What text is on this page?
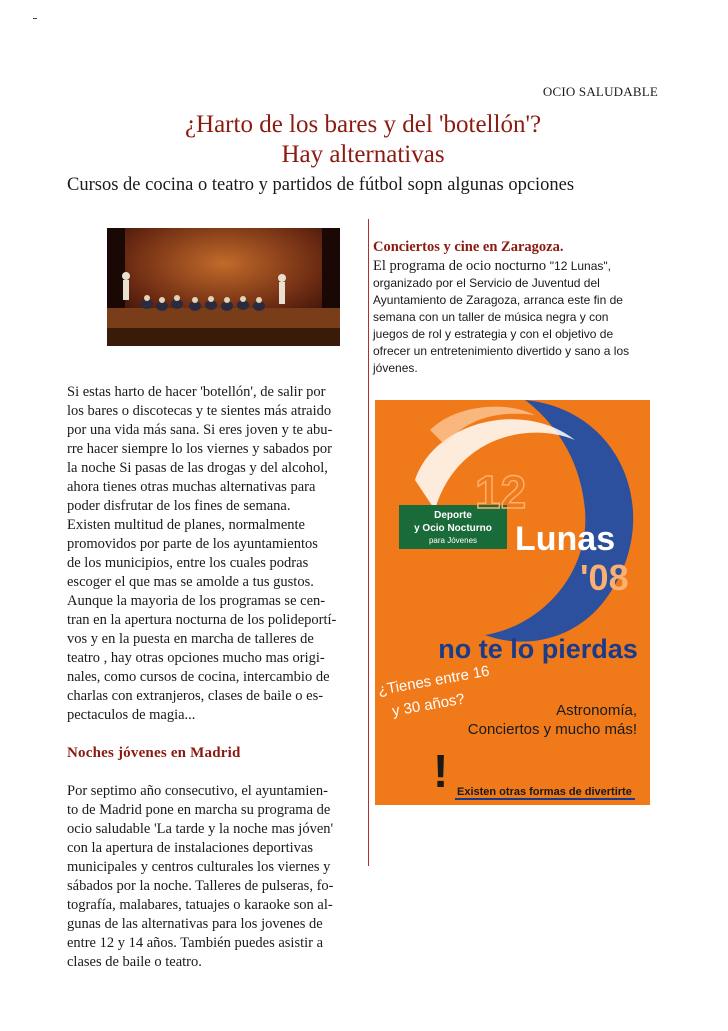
OCIO SALUDABLE
¿Harto de los bares y del 'botellón'?
Hay alternativas
Cursos de cocina o teatro y partidos de fútbol sopn algunas opciones

Conciertos y cine en Zaragoza.

El programa de ocio nocturno "12 Lunas",

organizado por el Servicio de Juventud del

Ayuntamiento de Zaragoza, arranca este fin de

semana con un taller de música negra y con

juegos de rol y estrategia y con el objetivo de

ofrecer un entretenimiento divertido y sano a los

jóvenes.

Si estas harto de hacer 'botellón', de salir por

los bares o discotecas y te sientes más atraido

por una vida más sana. Si eres joven y te abu-

rre hacer siempre lo los viernes y sabados por

la noche Si pasas de las drogas y del alcohol,

ahora tienes otras muchas alternativas para

poder disfrutar de los fines de semana.

Existen multitud de planes, normalmente

promovidos por parte de los ayuntamientos

de los municipios, entre los cuales podras

escoger el que mas se amolde a tus gustos.

Aunque la mayoria de los programas se cen-

tran en la apertura nocturna de los polideportí-

vos y en la puesta en marcha de talleres de

teatro , hay otras opciones mucho mas origi-

nales, como cursos de cocina, intercambio de

charlas con extranjeros, clases de baile o es-

pectaculos de magia...

Noches jóvenes en Madrid

Por septimo año consecutivo, el ayuntamien-

to de Madrid pone en marcha su programa de

ocio saludable 'La tarde y la noche mas jóven'

con la apertura de instalaciones deportivas

municipales y centros culturales los viernes y

sábados por la noche. Talleres de pulseras, fo-

tografía, malabares, tatuajes o karaoke son al-

gunas de las alternativas para los jovenes de

entre 12 y 14 años. También puedes asistir a

clases de baile o teatro.

Deporte
y Ocio Nocturno
para Jóvenes
12
Lunas
'08
no te lo pierdas
¿Tienes entre 16
y 30 años?	Astronomía,
Conciertos y mucho más!
! Existen otras formas de divertirte
